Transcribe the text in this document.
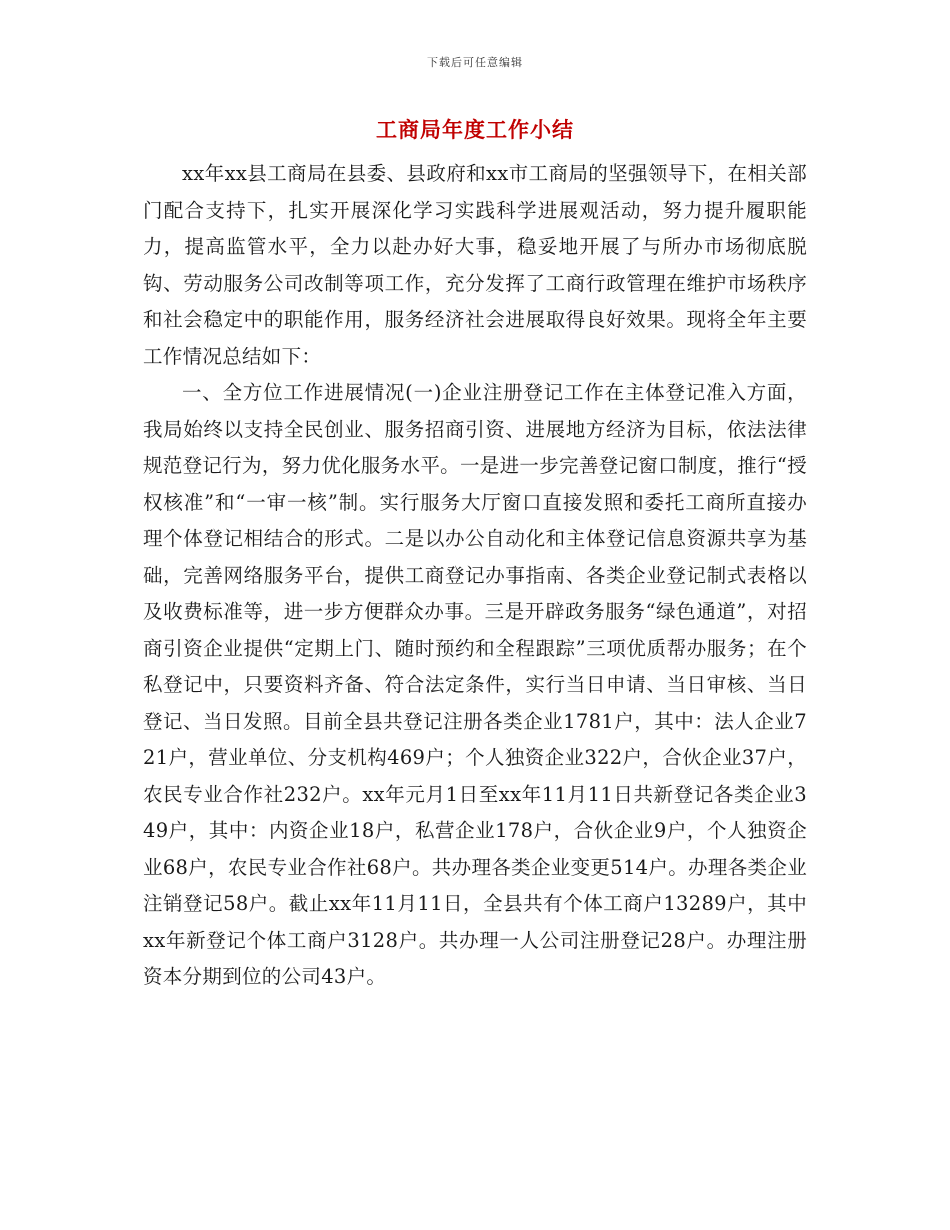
下载后可任意编辑
工商局年度工作小结

xx年xx县工商局在县委、县政府和xx市工商局的坚强领导下，在相关部门配合支持下，扎实开展深化学习实践科学进展观活动，努力提升履职能力，提高监管水平，全力以赴办好大事，稳妥地开展了与所办市场彻底脱钩、劳动服务公司改制等项工作，充分发挥了工商行政管理在维护市场秩序和社会稳定中的职能作用，服务经济社会进展取得良好效果。现将全年主要工作情况总结如下：

一、全方位工作进展情况(一)企业注册登记工作在主体登记准入方面，我局始终以支持全民创业、服务招商引资、进展地方经济为目标，依法法律规范登记行为，努力优化服务水平。一是进一步完善登记窗口制度，推行“授权核准”和“一审一核”制。实行服务大厅窗口直接发照和委托工商所直接办理个体登记相结合的形式。二是以办公自动化和主体登记信息资源共享为基础，完善网络服务平台，提供工商登记办事指南、各类企业登记制式表格以及收费标准等，进一步方便群众办事。三是开辟政务服务“绿色通道”，对招商引资企业提供“定期上门、随时预约和全程跟踪”三项优质帮办服务；在个私登记中，只要资料齐备、符合法定条件，实行当日申请、当日审核、当日登记、当日发照。目前全县共登记注册各类企业1781户，其中：法人企业721户，营业单位、分支机构469户；个人独资企业322户，合伙企业37户，农民专业合作社232户。xx年元月1日至xx年11月11日共新登记各类企业349户，其中：内资企业18户，私营企业178户，合伙企业9户，个人独资企业68户，农民专业合作社68户。共办理各类企业变更514户。办理各类企业注销登记58户。截止xx年11月11日，全县共有个体工商户13289户，其中xx年新登记个体工商户3128户。共办理一人公司注册登记28户。办理注册资本分期到位的公司43户。
